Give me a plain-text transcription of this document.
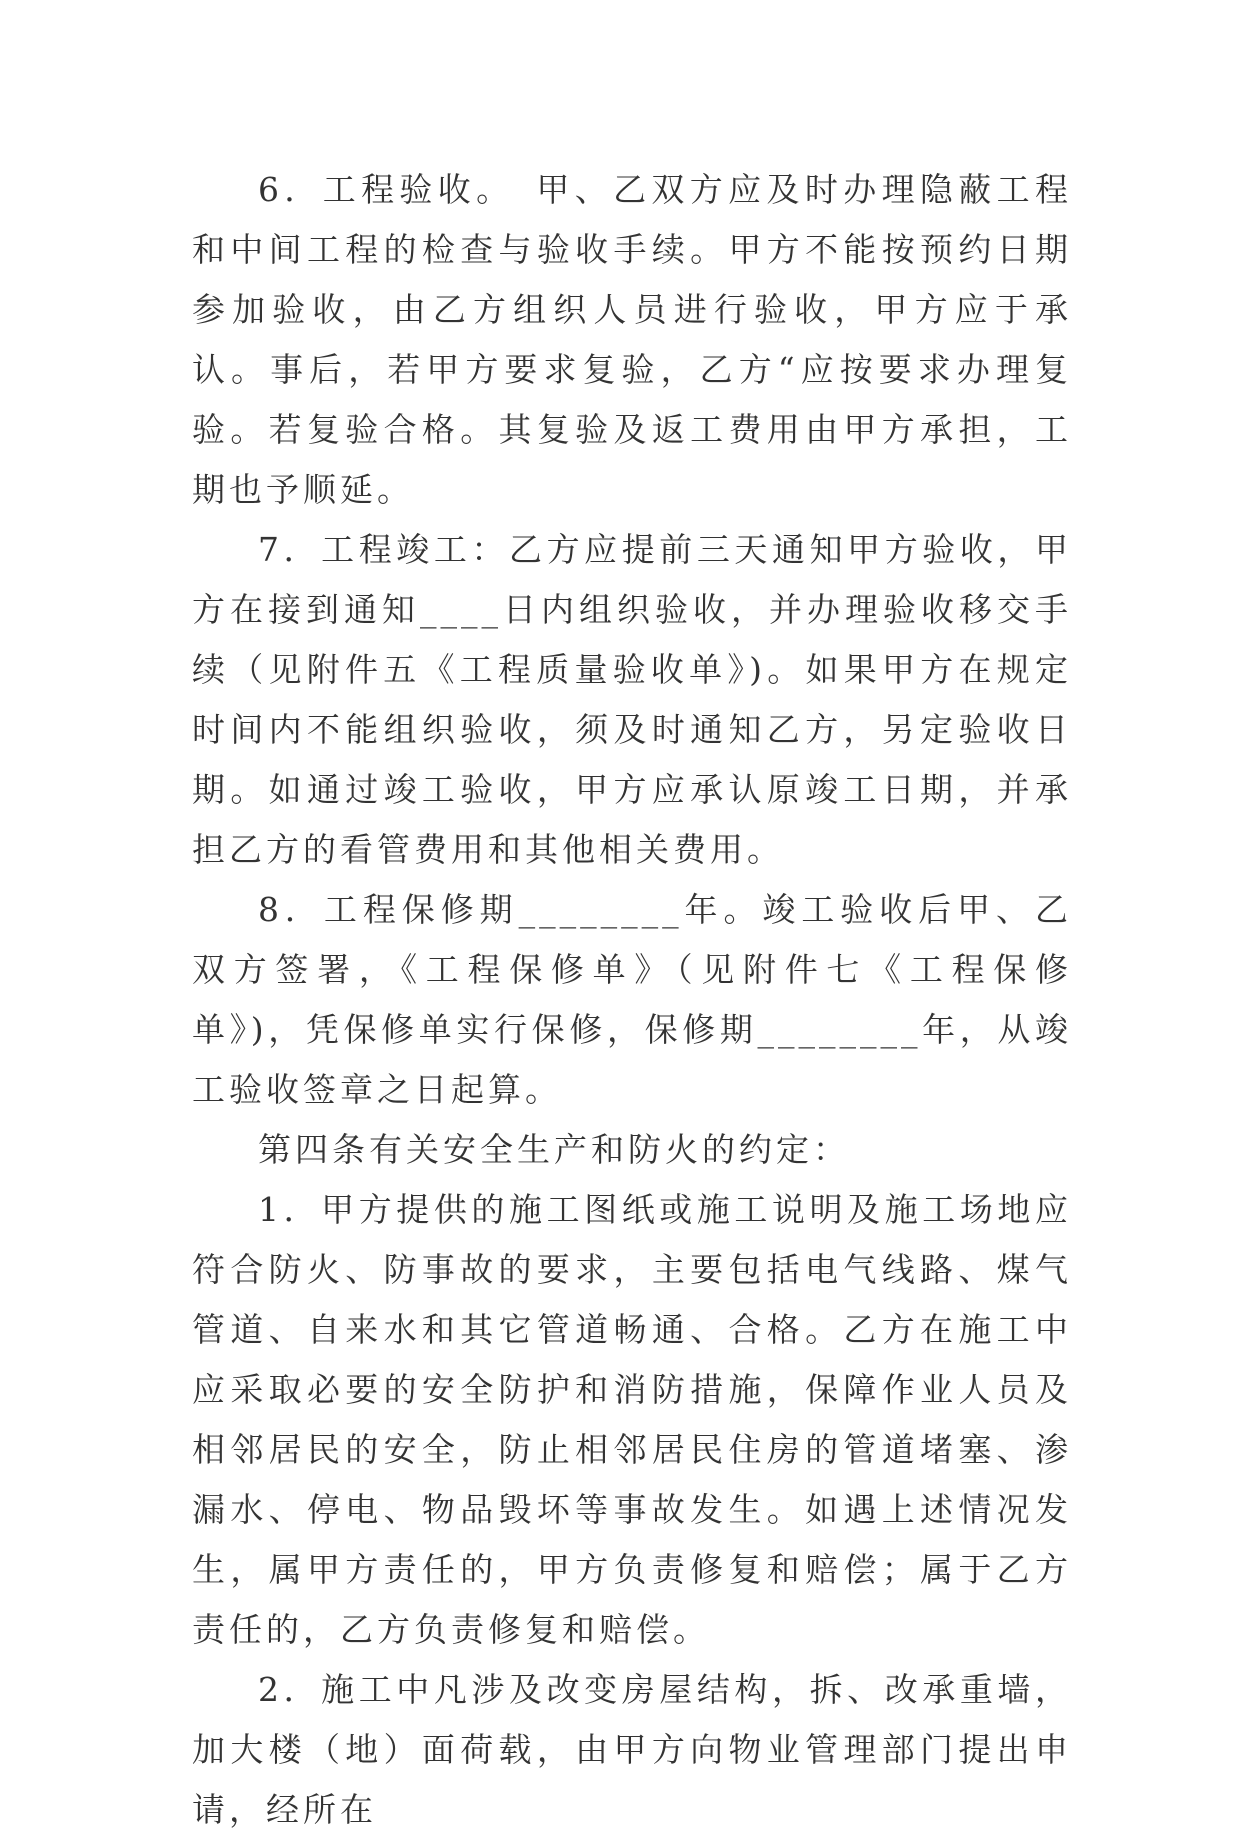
6．工程验收。　甲、乙双方应及时办理隐蔽工程和中间工程的检查与验收手续。甲方不能按预约日期参加验收，由乙方组织人员进行验收，甲方应于承认。事后，若甲方要求复验，乙方“应按要求办理复验。若复验合格。其复验及返工费用由甲方承担，工期也予顺延。

7．工程竣工：乙方应提前三天通知甲方验收，甲方在接到通知____日内组织验收，并办理验收移交手续（见附件五《工程质量验收单》)。如果甲方在规定时间内不能组织验收，须及时通知乙方，另定验收日期。如通过竣工验收，甲方应承认原竣工日期，并承担乙方的看管费用和其他相关费用。

8．工程保修期________年。竣工验收后甲、乙双方签署，《工程保修单》（见附件七《工程保修单》)，凭保修单实行保修，保修期________年，从竣工验收签章之日起算。

第四条有关安全生产和防火的约定：

1．甲方提供的施工图纸或施工说明及施工场地应符合防火、防事故的要求，主要包括电气线路、煤气管道、自来水和其它管道畅通、合格。乙方在施工中应采取必要的安全防护和消防措施，保障作业人员及相邻居民的安全，防止相邻居民住房的管道堵塞、渗漏水、停电、物品毁坏等事故发生。如遇上述情况发生，属甲方责任的，甲方负责修复和赔偿；属于乙方责任的，乙方负责修复和赔偿。

2．施工中凡涉及改变房屋结构，拆、改承重墙，加大楼（地）面荷载，由甲方向物业管理部门提出申请，经所在
